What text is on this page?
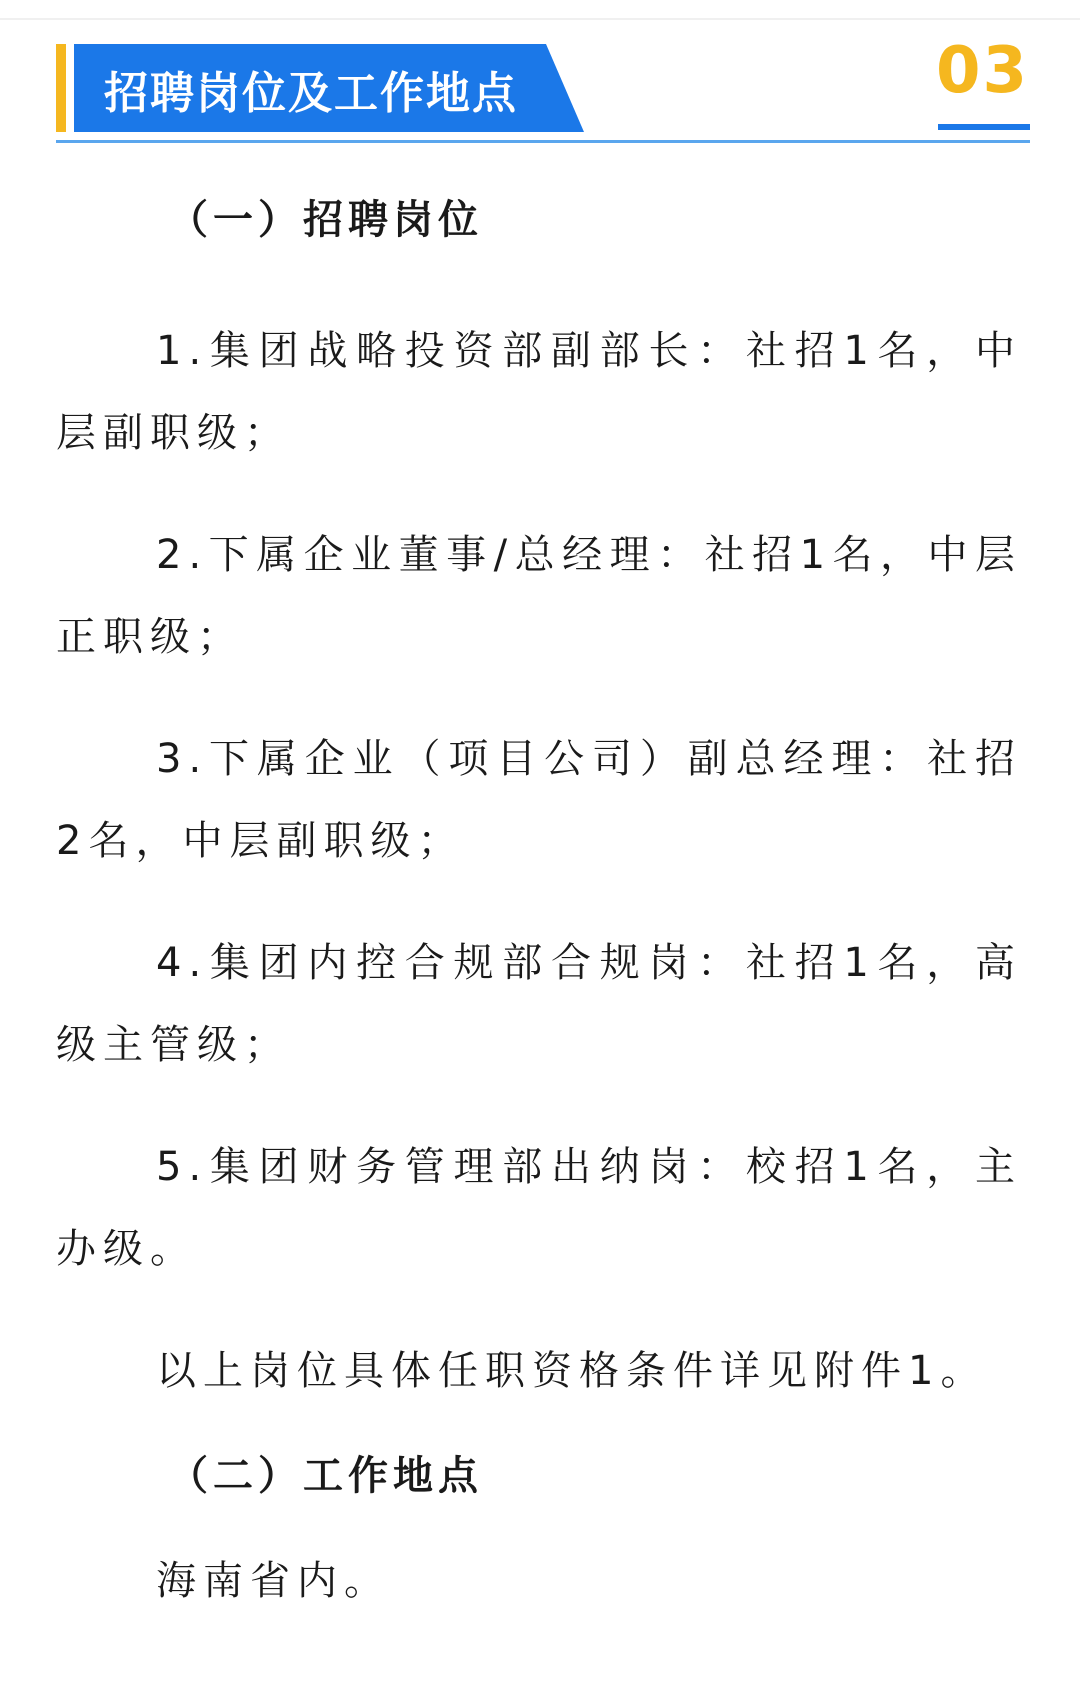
招聘岗位及工作地点	03

（一）招聘岗位

1.集团战略投资部副部长：社招1名，中层副职级；

2.下属企业董事/总经理：社招1名，中层正职级；

3.下属企业（项目公司）副总经理：社招2名，中层副职级；

4.集团内控合规部合规岗：社招1名，高级主管级；

5.集团财务管理部出纳岗：校招1名，主办级。

以上岗位具体任职资格条件详见附件1。

（二）工作地点

海南省内。
